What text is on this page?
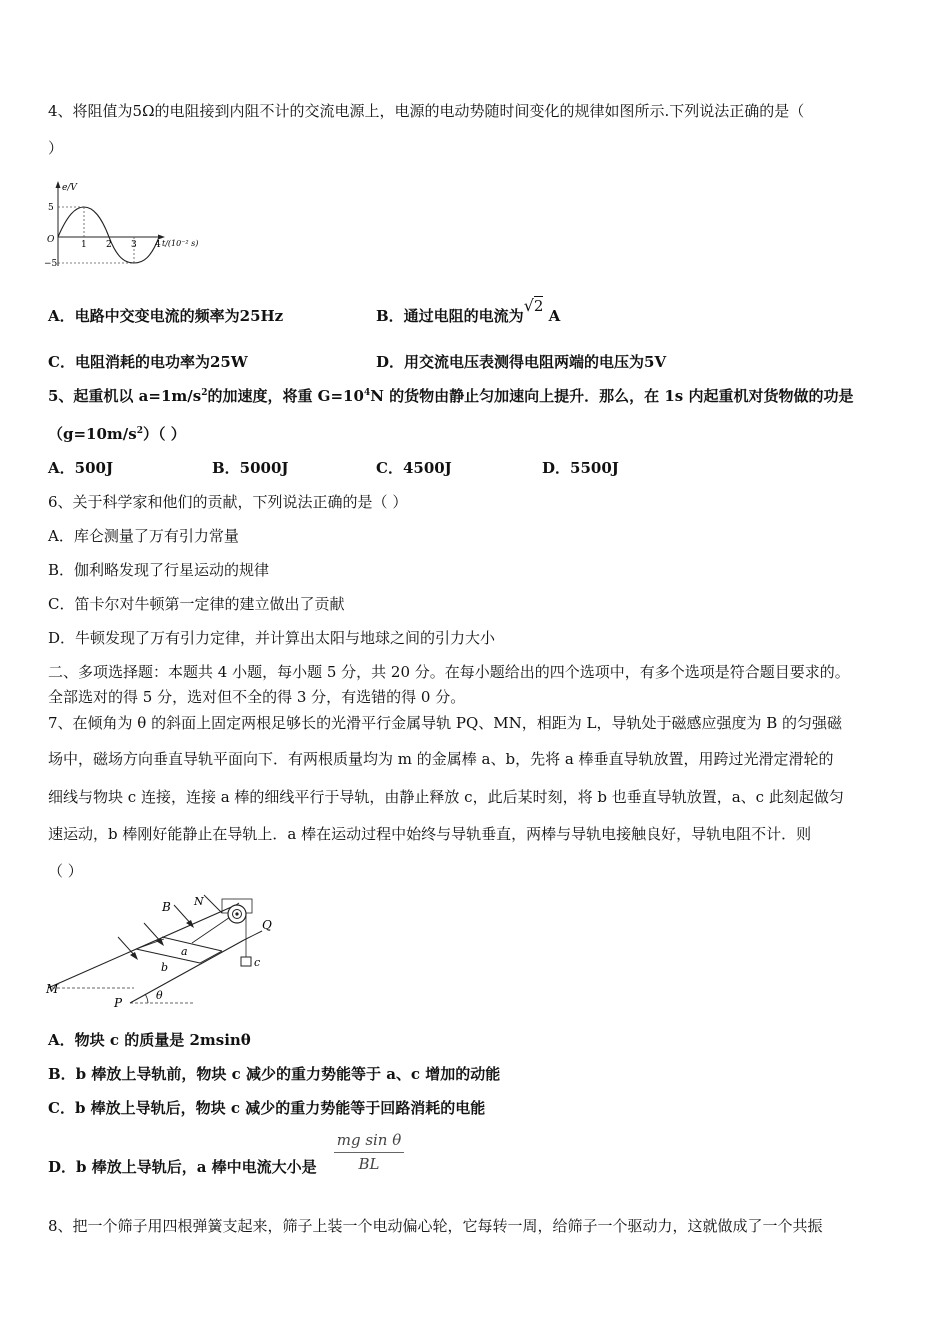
4、将阻值为5Ω的电阻接到内阻不计的交流电源上，电源的电动势随时间变化的规律如图所示.下列说法正确的是（
）
e/V
5
O
−5
1 2 3 4 t/(10⁻² s)
A．电路中交变电流的频率为25Hz	B．通过电阻的电流为√2 A
C．电阻消耗的电功率为25W	D．用交流电压表测得电阻两端的电压为5V
5、起重机以 $a=1m/s^2$的加速度，将重 $G=10^4N$ 的货物由静止匀加速向上提升．那么，在 1s 内起重机对货物做的功是
$(g=10m/s^2)$（ ）
A．500J	B．5000J	C．4500J	D．5500J
6、关于科学家和他们的贡献，下列说法正确的是（ ）
A．库仑测量了万有引力常量
B．伽利略发现了行星运动的规律
C．笛卡尔对牛顿第一定律的建立做出了贡献
D．牛顿发现了万有引力定律，并计算出太阳与地球之间的引力大小
二、多项选择题：本题共 4 小题，每小题 5 分，共 20 分。在每小题给出的四个选项中，有多个选项是符合题目要求的。
全部选对的得 5 分，选对但不全的得 3 分，有选错的得 0 分。
7、在倾角为 θ 的斜面上固定两根足够长的光滑平行金属导轨 PQ、MN，相距为 L，导轨处于磁感应强度为 B 的匀强磁
场中，磁场方向垂直导轨平面向下．有两根质量均为 m 的金属棒 a、b，先将 a 棒垂直导轨放置，用跨过光滑定滑轮的
细线与物块 c 连接，连接 a 棒的细线平行于导轨，由静止释放 c，此后某时刻，将 b 也垂直导轨放置，a、c 此刻起做匀
速运动，b 棒刚好能静止在导轨上．a 棒在运动过程中始终与导轨垂直，两棒与导轨电接触良好，导轨电阻不计．则
（ ）
B N
Q
a
b	c
M
P
θ
A．物块 c 的质量是 2msinθ
B．b 棒放上导轨前，物块 c 减少的重力势能等于 a、c 增加的动能
C．b 棒放上导轨后，物块 c 减少的重力势能等于回路消耗的电能
D．b 棒放上导轨后，a 棒中电流大小是
mg sin θ
BL
8、把一个筛子用四根弹簧支起来，筛子上装一个电动偏心轮，它每转一周，给筛子一个驱动力，这就做成了一个共振
